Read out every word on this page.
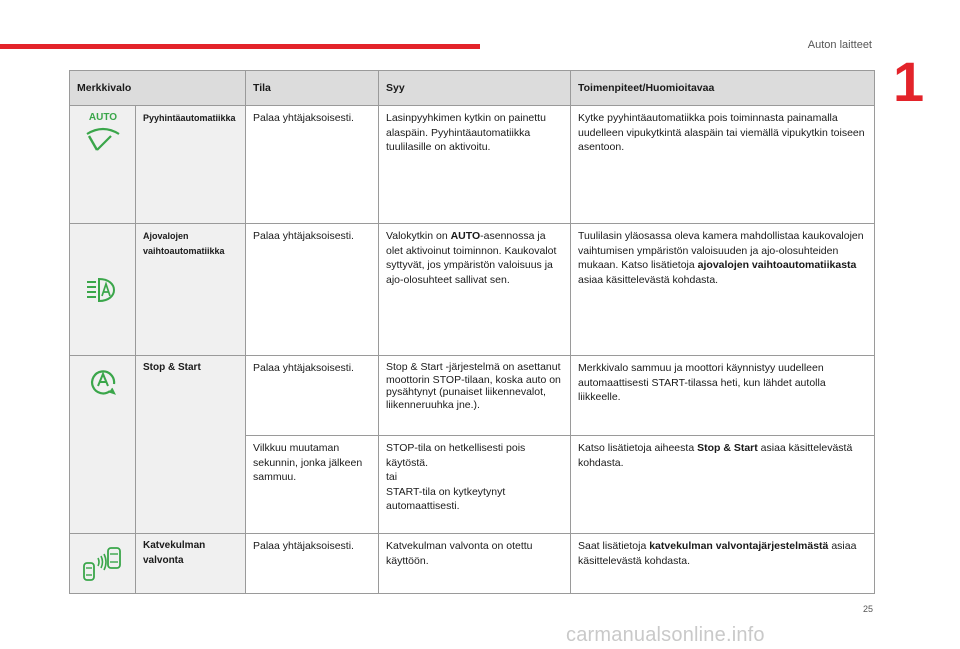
Auton laitteet
1
Merkkivalo		Tila	Syy	Toimenpiteet/Huomioitavaa

AUTO	Pyyhintäautomatiikka	Palaa yhtäjaksoisesti.	Lasinpyyhkimen kytkin on painettu alaspäin. Pyyhintäautomatiikka tuulilasille on aktivoitu.	Kytke pyyhintäautomatiikka pois toiminnasta painamalla uudelleen vipukytkintä alaspäin tai viemällä vipukytkin toiseen asentoon.

	Ajovalojen vaihtoautomatiikka	Palaa yhtäjaksoisesti.	Valokytkin on AUTO-asennossa ja olet aktivoinut toiminnon. Kaukovalot syttyvät, jos ympäristön valoisuus ja ajo-olosuhteet sallivat sen.	Tuulilasin yläosassa oleva kamera mahdollistaa kaukovalojen vaihtumisen ympäristön valoisuuden ja ajo-olosuhteiden mukaan. Katso lisätietoja ajovalojen vaihtoautomatiikasta asiaa käsittelevästä kohdasta.

	Stop & Start	Palaa yhtäjaksoisesti.	Stop & Start -järjestelmä on asettanut moottorin STOP-tilaan, koska auto on pysähtynyt (punaiset liikennevalot, liikenneruuhka jne.).	Merkkivalo sammuu ja moottori käynnistyy uudelleen automaattisesti START-tilassa heti, kun lähdet autolla liikkeelle.
		Vilkkuu muutaman sekunnin, jonka jälkeen sammuu.	STOP-tila on hetkellisesti pois käytöstä.
tai
START-tila on kytkeytynyt automaattisesti.	Katso lisätietoja aiheesta Stop & Start asiaa käsittelevästä kohdasta.

	Katvekulman valvonta	Palaa yhtäjaksoisesti.	Katvekulman valvonta on otettu käyttöön.	Saat lisätietoja katvekulman valvontajärjestelmästä asiaa käsittelevästä kohdasta.
25
carmanualsonline.info
